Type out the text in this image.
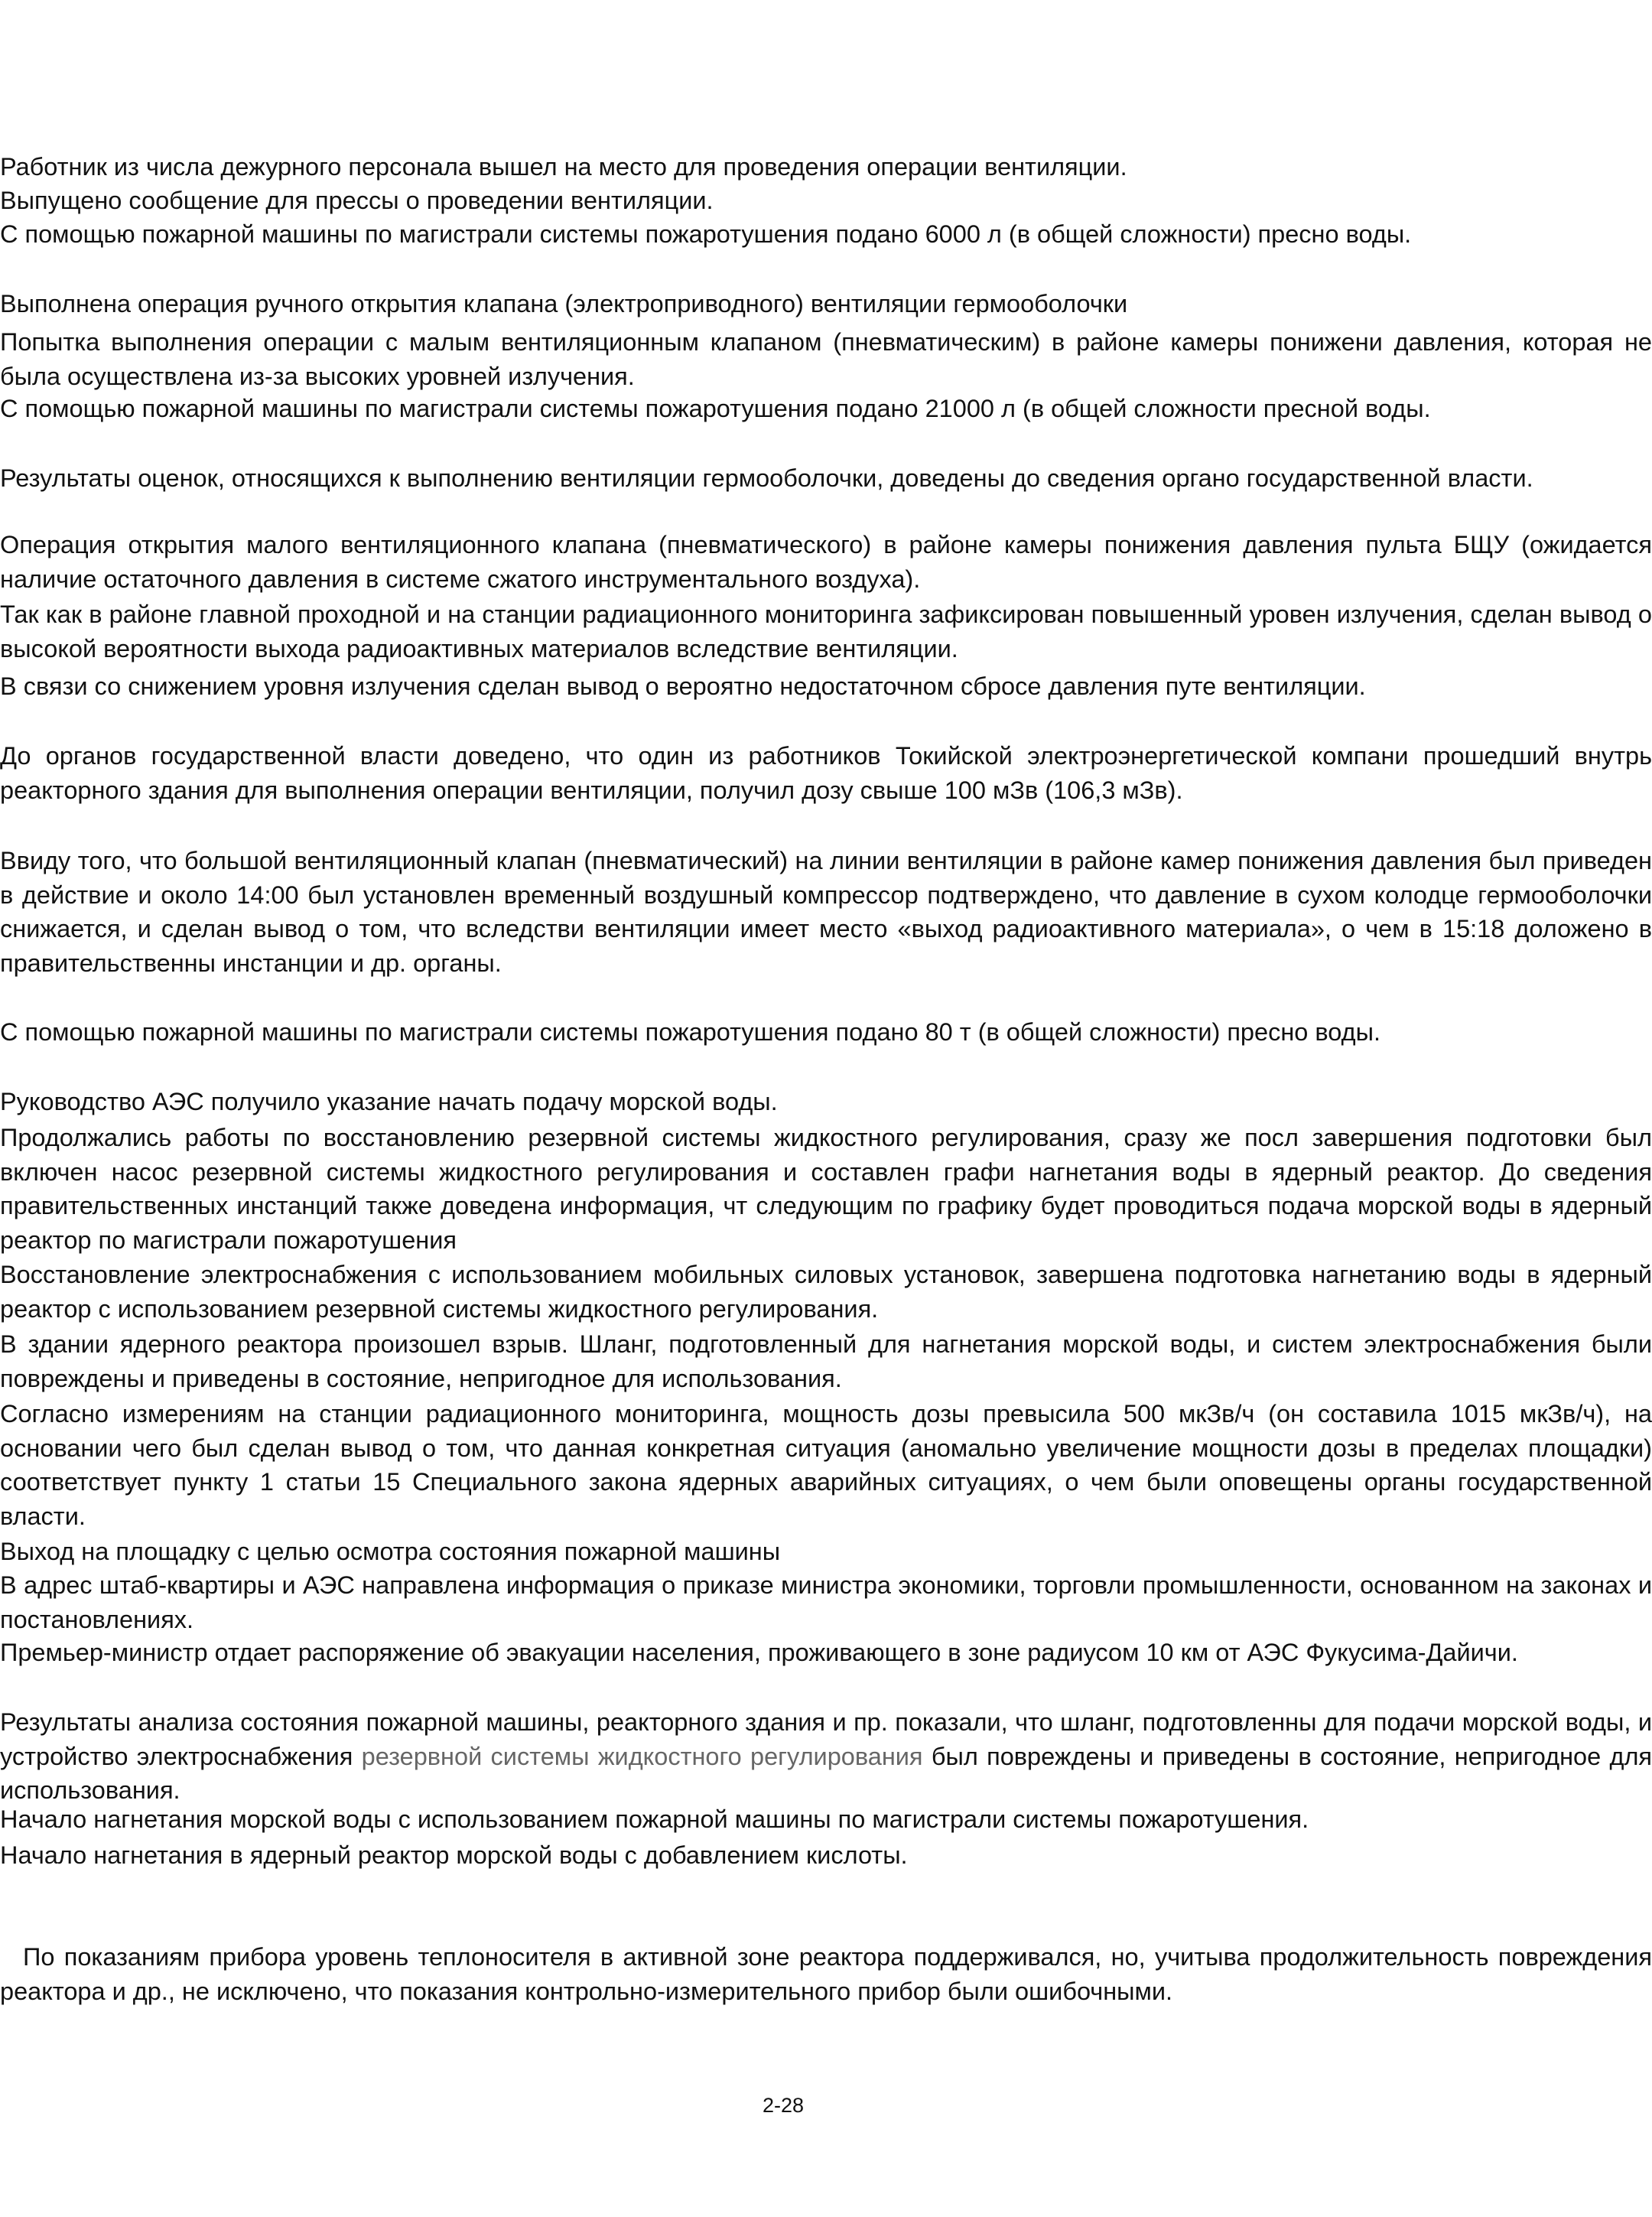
Работник из числа дежурного персонала вышел на место для проведения операции вентиляции.
Выпущено сообщение для прессы о проведении вентиляции.
С помощью пожарной машины по магистрали системы пожаротушения подано 6000 л (в общей сложности) пресно воды.
Выполнена операция ручного открытия клапана (электроприводного) вентиляции гермооболочки
Попытка выполнения операции с малым вентиляционным клапаном (пневматическим) в районе камеры понижени давления, которая не была осуществлена из-за высоких уровней излучения.
С помощью пожарной машины по магистрали системы пожаротушения подано 21000 л (в общей сложности пресной воды.
Результаты оценок, относящихся к выполнению вентиляции гермооболочки, доведены до сведения органо государственной власти.
Операция открытия малого вентиляционного клапана (пневматического) в районе камеры понижения давления пульта БЩУ (ожидается наличие остаточного давления в системе сжатого инструментального воздуха).
Так как в районе главной проходной и на станции радиационного мониторинга зафиксирован повышенный уровен излучения, сделан вывод о высокой вероятности выхода радиоактивных материалов вследствие вентиляции.
В связи со снижением уровня излучения сделан вывод о вероятно недостаточном сбросе давления путе вентиляции.
До органов государственной власти доведено, что один из работников Токийской электроэнергетической компани прошедший внутрь реакторного здания для выполнения операции вентиляции, получил дозу свыше 100 мЗв (106,3 мЗв).
Ввиду того, что большой вентиляционный клапан (пневматический) на линии вентиляции в районе камер понижения давления был приведен в действие и около 14:00 был установлен временный воздушный компрессор подтверждено, что давление в сухом колодце гермооболочки снижается, и сделан вывод о том, что вследстви вентиляции имеет место «выход радиоактивного материала», о чем в 15:18 доложено в правительственны инстанции и др. органы.
С помощью пожарной машины по магистрали системы пожаротушения подано 80 т (в общей сложности) пресно воды.
Руководство АЭС получило указание начать подачу морской воды.
Продолжались работы по восстановлению резервной системы жидкостного регулирования, сразу же посл завершения подготовки был включен насос резервной системы жидкостного регулирования и составлен графи нагнетания воды в ядерный реактор. До сведения правительственных инстанций также доведена информация, чт следующим по графику будет проводиться подача морской воды в ядерный реактор по магистрали пожаротушения
Восстановление электроснабжения с использованием мобильных силовых установок, завершена подготовка нагнетанию воды в ядерный реактор с использованием резервной системы жидкостного регулирования.
В здании ядерного реактора произошел взрыв. Шланг, подготовленный для нагнетания морской воды, и систем электроснабжения были повреждены и приведены в состояние, непригодное для использования.
Согласно измерениям на станции радиационного мониторинга, мощность дозы превысила 500 мкЗв/ч (он составила 1015 мкЗв/ч), на основании чего был сделан вывод о том, что данная конкретная ситуация (аномально увеличение мощности дозы в пределах площадки) соответствует пункту 1 статьи 15 Специального закона ядерных аварийных ситуациях, о чем были оповещены органы государственной власти.
Выход на площадку с целью осмотра состояния пожарной машины
В адрес штаб-квартиры и АЭС направлена информация о приказе министра экономики, торговли промышленности, основанном на законах и постановлениях.
Премьер-министр отдает распоряжение об эвакуации населения, проживающего в зоне радиусом 10 км от АЭС Фукусима-Дайичи.
Результаты анализа состояния пожарной машины, реакторного здания и пр. показали, что шланг, подготовленны для подачи морской воды, и устройство электроснабжения резервной системы жидкостного регулирования был повреждены и приведены в состояние, непригодное для использования.
Начало нагнетания морской воды с использованием пожарной машины по магистрали системы пожаротушения.
Начало нагнетания в ядерный реактор морской воды с добавлением кислоты.
По показаниям прибора уровень теплоносителя в активной зоне реактора поддерживался, но, учитыва продолжительность повреждения реактора и др., не исключено, что показания контрольно-измерительного прибор были ошибочными.
2-28
